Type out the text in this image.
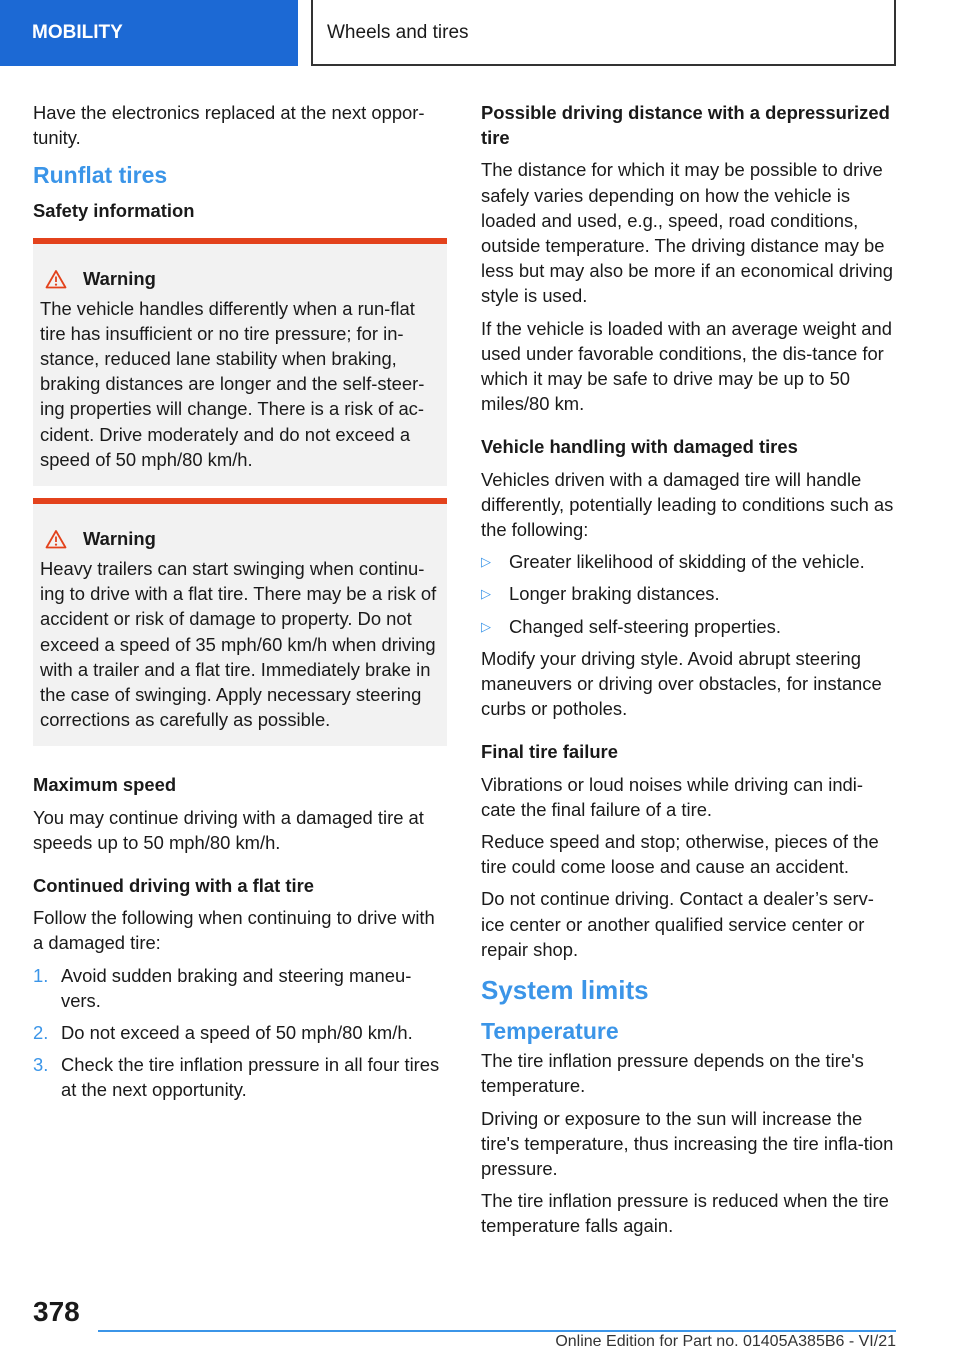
MOBILITY	Wheels and tires

Have the electronics replaced at the next oppor‐tunity.

Runflat tires
Safety information
Warning

The vehicle handles differently when a run-flat tire has insufficient or no tire pressure; for in‐stance, reduced lane stability when braking, braking distances are longer and the self-steer‐ing properties will change. There is a risk of ac‐cident. Drive moderately and do not exceed a speed of 50 mph/80 km/h.

Warning

Heavy trailers can start swinging when continu‐ing to drive with a flat tire. There may be a risk of accident or risk of damage to property. Do not exceed a speed of 35 mph/60 km/h when driving with a trailer and a flat tire. Immediately brake in the case of swinging. Apply necessary steering corrections as carefully as possible.

Maximum speed

You may continue driving with a damaged tire at speeds up to 50 mph/80 km/h.

Continued driving with a flat tire

Follow the following when continuing to drive with a damaged tire:

1. Avoid sudden braking and steering maneu‐vers.
2. Do not exceed a speed of 50 mph/80 km/h.
3. Check the tire inflation pressure in all four tires at the next opportunity.
Possible driving distance with a depressurized tire

The distance for which it may be possible to drive safely varies depending on how the vehicle is loaded and used, e.g., speed, road conditions, outside temperature. The driving distance may be less but may also be more if an economical driving style is used.

If the vehicle is loaded with an average weight and used under favorable conditions, the dis‐tance for which it may be safe to drive may be up to 50 miles/80 km.

Vehicle handling with damaged tires

Vehicles driven with a damaged tire will handle differently, potentially leading to conditions such as the following:

▷ Greater likelihood of skidding of the vehicle.
▷ Longer braking distances.
▷ Changed self-steering properties.

Modify your driving style. Avoid abrupt steering maneuvers or driving over obstacles, for instance curbs or potholes.

Final tire failure

Vibrations or loud noises while driving can indi‐cate the final failure of a tire.

Reduce speed and stop; otherwise, pieces of the tire could come loose and cause an accident.

Do not continue driving. Contact a dealer’s serv‐ice center or another qualified service center or repair shop.

System limits
Temperature

The tire inflation pressure depends on the tire's temperature.

Driving or exposure to the sun will increase the tire's temperature, thus increasing the tire infla‐tion pressure.

The tire inflation pressure is reduced when the tire temperature falls again.

378
Online Edition for Part no. 01405A385B6 - VI/21
